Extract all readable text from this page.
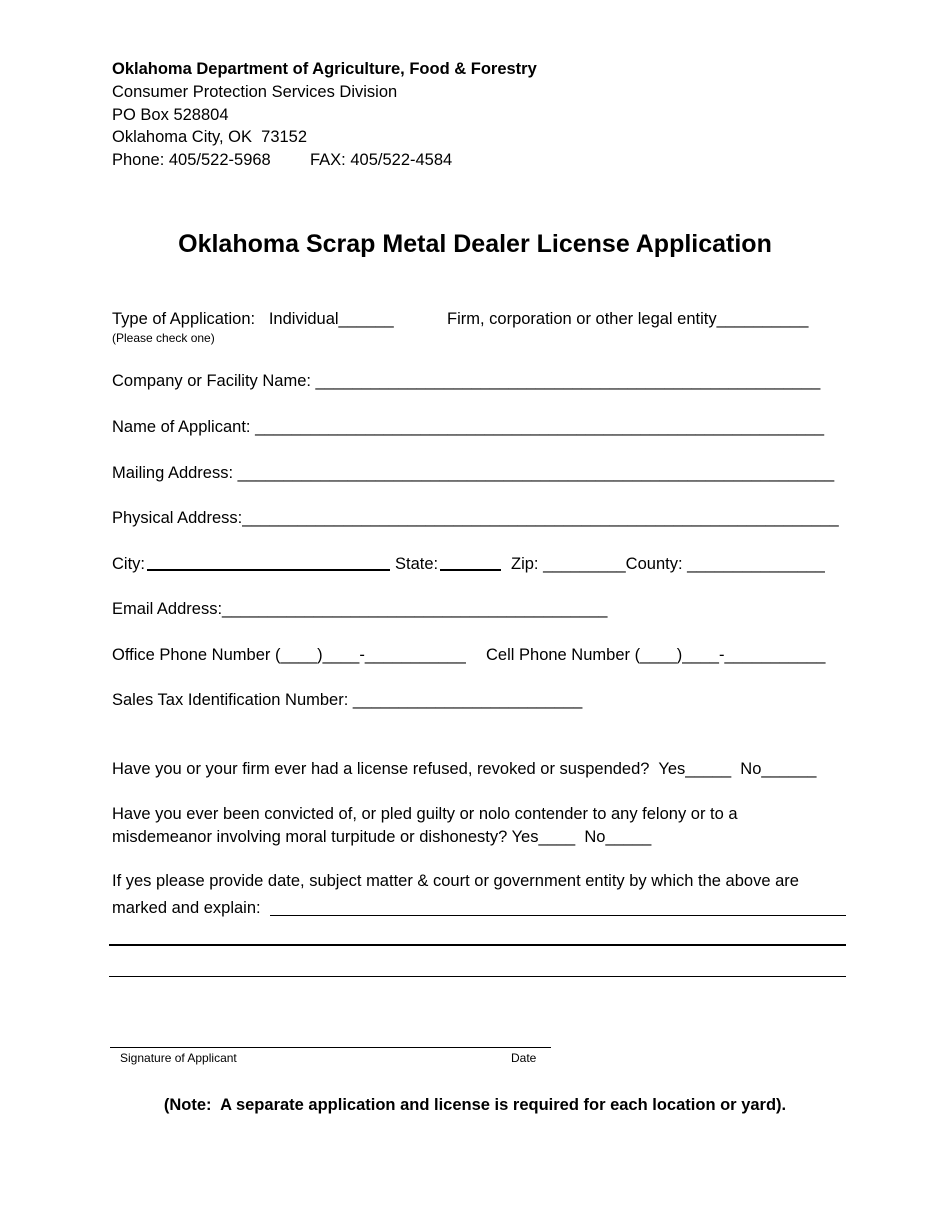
Oklahoma Department of Agriculture, Food & Forestry
Consumer Protection Services Division
PO Box 528804
Oklahoma City, OK  73152
Phone: 405/522-5968 FAX: 405/522-4584
Oklahoma Scrap Metal Dealer License Application
Type of Application:   Individual______	Firm, corporation or other legal entity__________
(Please check one)
Company or Facility Name: _______________________________________________________
Name of Applicant: ______________________________________________________________
Mailing Address: _________________________________________________________________
Physical Address:_________________________________________________________________
City:	State:	Zip: _________County: _______________
Email Address:__________________________________________
Office Phone Number (____)____-___________ Cell Phone Number (____)____-___________
Sales Tax Identification Number: _________________________
Have you or your firm ever had a license refused, revoked or suspended?  Yes_____  No______
Have you ever been convicted of, or pled guilty or nolo contender to any felony or to a
misdemeanor involving moral turpitude or dishonesty? Yes____  No_____
If yes please provide date, subject matter & court or government entity by which the above are
marked and explain:
Signature of Applicant	Date
(Note:  A separate application and license is required for each location or yard).
